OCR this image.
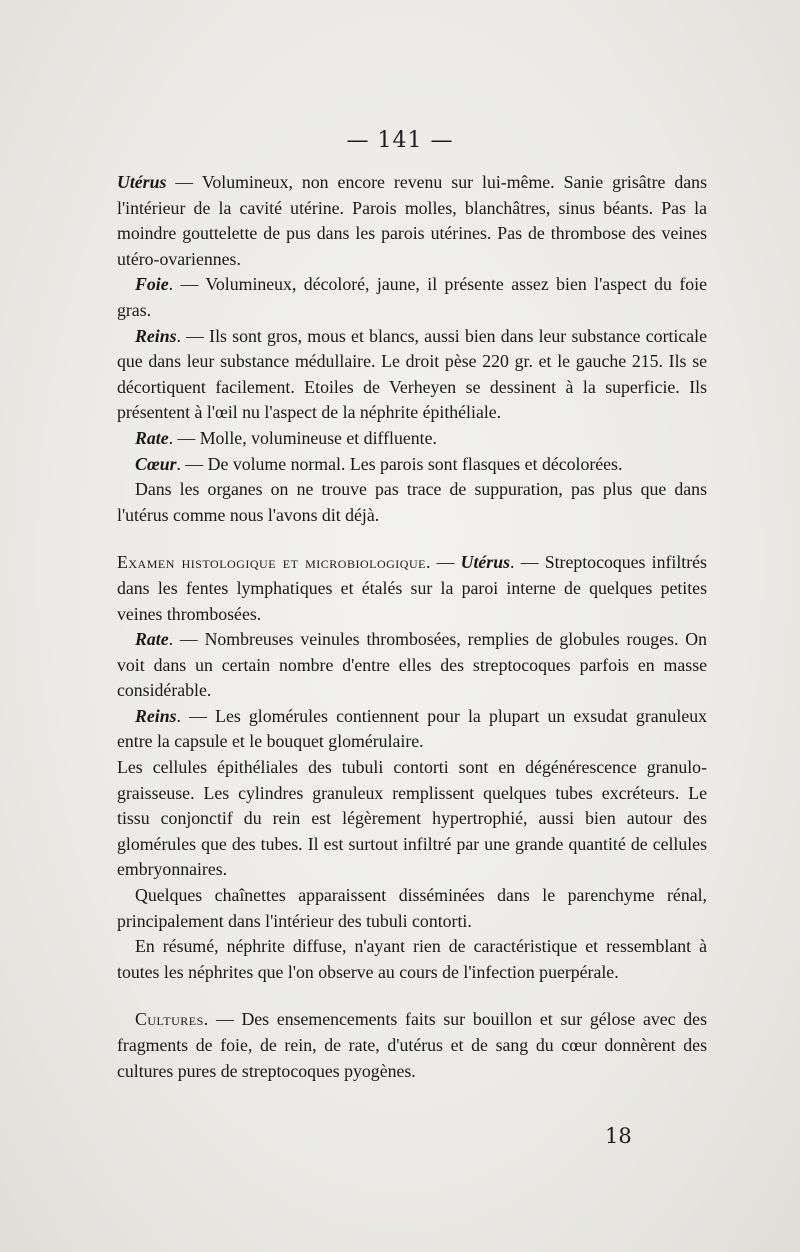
— 141 —

Utérus — Volumineux, non encore revenu sur lui-même. Sanie grisâtre dans l'intérieur de la cavité utérine. Parois molles, blanchâtres, sinus béants. Pas la moindre gouttelette de pus dans les parois utérines. Pas de thrombose des veines utéro-ovariennes.

Foie. — Volumineux, décoloré, jaune, il présente assez bien l'aspect du foie gras.

Reins. — Ils sont gros, mous et blancs, aussi bien dans leur substance corticale que dans leur substance médullaire. Le droit pèse 220 gr. et le gauche 215. Ils se décortiquent facilement. Etoiles de Verheyen se dessinent à la superficie. Ils présentent à l'œil nu l'aspect de la néphrite épithéliale.

Rate. — Molle, volumineuse et diffluente.

Cœur. — De volume normal. Les parois sont flasques et décolorées.

Dans les organes on ne trouve pas trace de suppuration, pas plus que dans l'utérus comme nous l'avons dit déjà.

Examen histologique et microbiologique. — Utérus. — Streptocoques infiltrés dans les fentes lymphatiques et étalés sur la paroi interne de quelques petites veines thrombosées.

Rate. — Nombreuses veinules thrombosées, remplies de globules rouges. On voit dans un certain nombre d'entre elles des streptocoques parfois en masse considérable.

Reins. — Les glomérules contiennent pour la plupart un exsudat granuleux entre la capsule et le bouquet glomérulaire.

Les cellules épithéliales des tubuli contorti sont en dégénérescence granulo-graisseuse. Les cylindres granuleux remplissent quelques tubes excréteurs. Le tissu conjonctif du rein est légèrement hypertrophié, aussi bien autour des glomérules que des tubes. Il est surtout infiltré par une grande quantité de cellules embryonnaires.

Quelques chaînettes apparaissent disséminées dans le parenchyme rénal, principalement dans l'intérieur des tubuli contorti.

En résumé, néphrite diffuse, n'ayant rien de caractéristique et ressemblant à toutes les néphrites que l'on observe au cours de l'infection puerpérale.

Cultures. — Des ensemencements faits sur bouillon et sur gélose avec des fragments de foie, de rein, de rate, d'utérus et de sang du cœur donnèrent des cultures pures de streptocoques pyogènes.

18
